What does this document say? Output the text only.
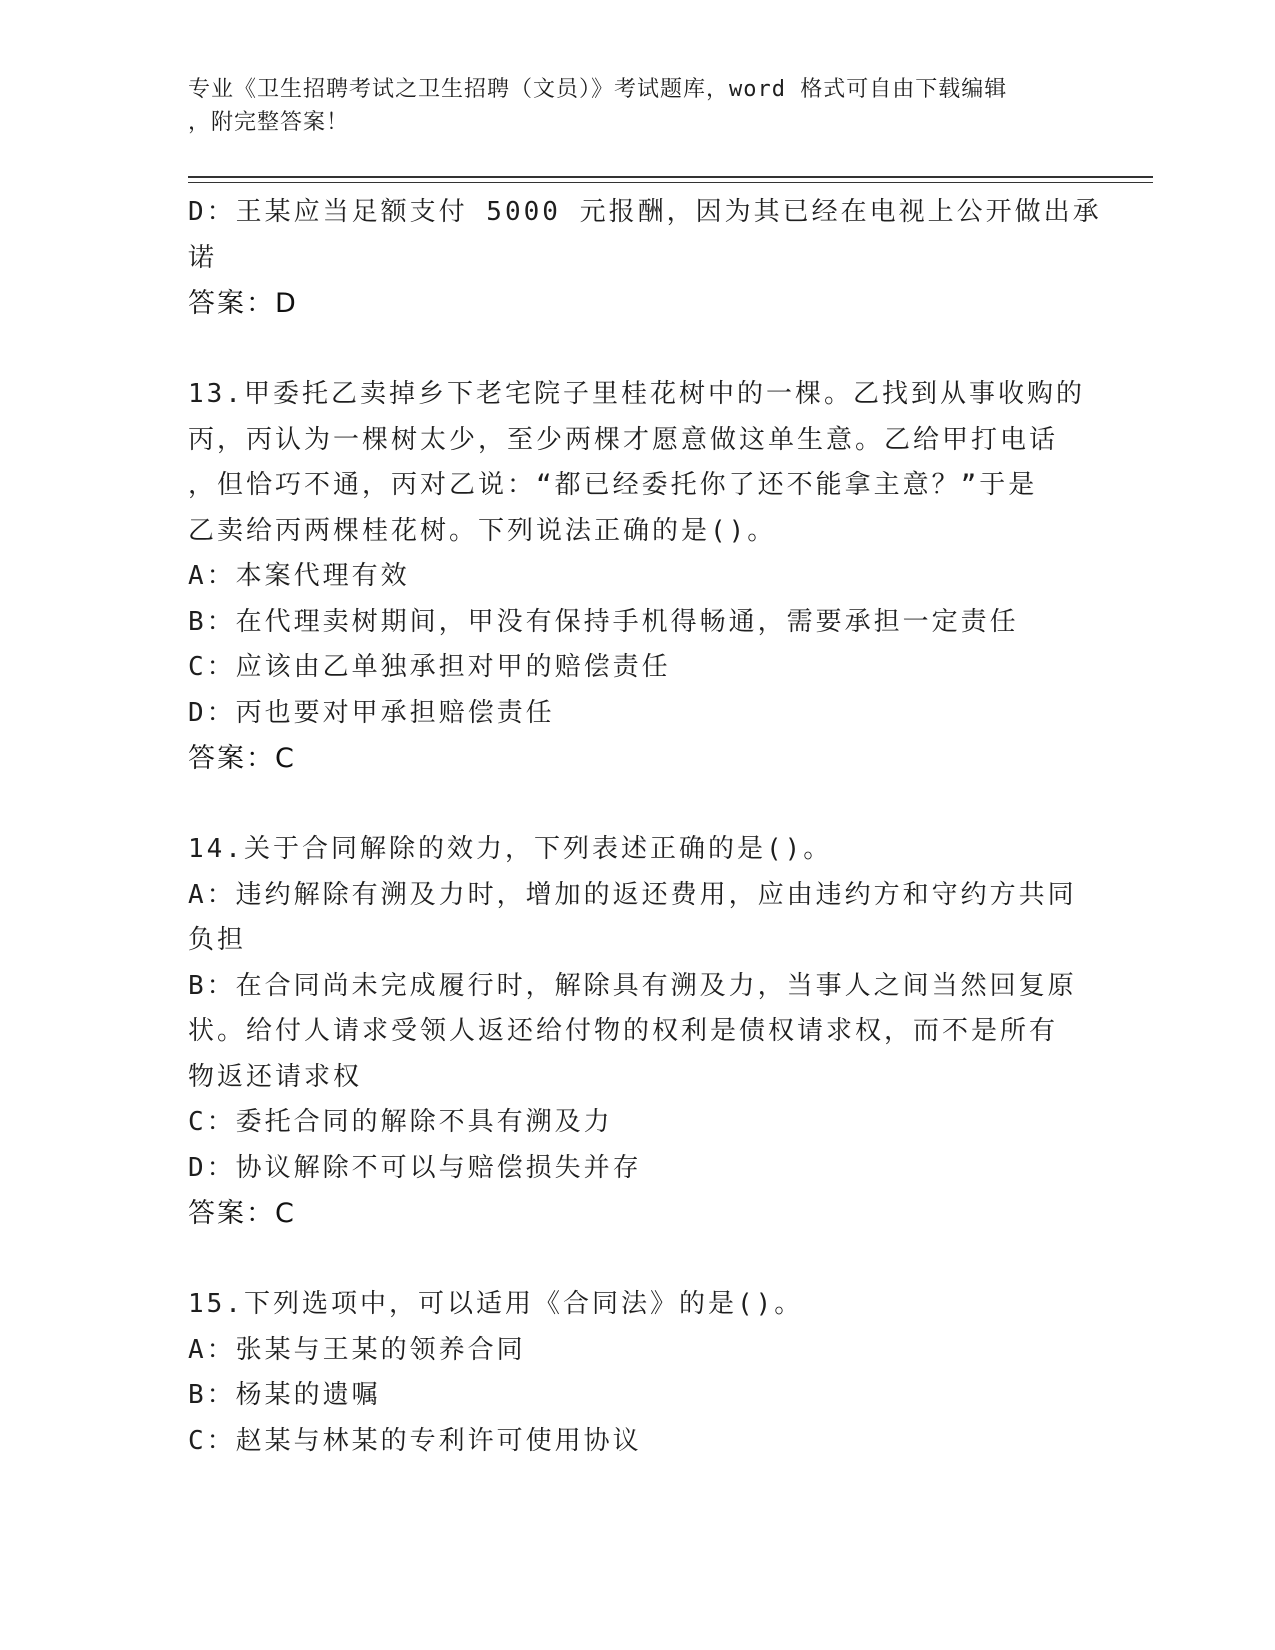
专业《卫生招聘考试之卫生招聘（文员）》考试题库，word 格式可自由下载编辑
，附完整答案！
D：王某应当足额支付 5000 元报酬，因为其已经在电视上公开做出承
诺
答案：D
13.甲委托乙卖掉乡下老宅院子里桂花树中的一棵。乙找到从事收购的
丙，丙认为一棵树太少，至少两棵才愿意做这单生意。乙给甲打电话
，但恰巧不通，丙对乙说：“都已经委托你了还不能拿主意？”于是
乙卖给丙两棵桂花树。下列说法正确的是()。
A：本案代理有效
B：在代理卖树期间，甲没有保持手机得畅通，需要承担一定责任
C：应该由乙单独承担对甲的赔偿责任
D：丙也要对甲承担赔偿责任
答案：C
14.关于合同解除的效力，下列表述正确的是()。
A：违约解除有溯及力时，增加的返还费用，应由违约方和守约方共同
负担
B：在合同尚未完成履行时，解除具有溯及力，当事人之间当然回复原
状。给付人请求受领人返还给付物的权利是债权请求权，而不是所有
物返还请求权
C：委托合同的解除不具有溯及力
D：协议解除不可以与赔偿损失并存
答案：C
15.下列选项中，可以适用《合同法》的是()。
A：张某与王某的领养合同
B：杨某的遗嘱
C：赵某与林某的专利许可使用协议
